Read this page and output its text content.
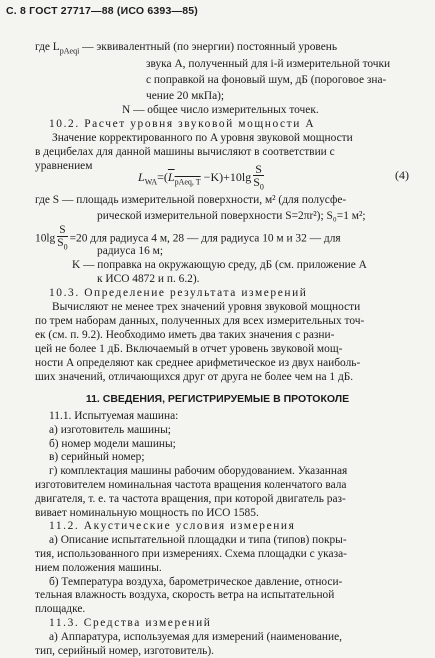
С. 8 ГОСТ 27717—88 (ИСО 6393—85)
где $L_{pAeqi}$ — эквивалентный (по энергии) постоянный уровень
звука A, полученный для i-й измерительной точки
с поправкой на фоновый шум, дБ (пороговое зна-
чение 20 мкПа);
N — общее число измерительных точек.
10.2. Расчет уровня звуковой мощности A
Значение корректированного по A уровня звуковой мощности
в децибелах для данной машины вычисляют в соответствии с
уравнением
$L_{WA}=(L_{pAeq, T} -K)+10\lg \frac{S}{S_0}$	(4)
где S — площадь измерительной поверхности, м² (для полусфе-
рической измерительной поверхности S=2πr²); S₀=1 м²;
$10\lg \frac{S}{S_0} =20$ для радиуса 4 м, 28 — для радиуса 10 м и 32 — для
радиуса 16 м;
K — поправка на окружающую среду, дБ (см. приложение A
к ИСО 4872 и п. 6.2).
10.3. Определение результата измерений
Вычисляют не менее трех значений уровня звуковой мощности
по трем наборам данных, полученных для всех измерительных точ-
ек (см. п. 9.2). Необходимо иметь два таких значения с разни-
цей не более 1 дБ. Включаемый в отчет уровень звуковой мощ-
ности A определяют как среднее арифметическое из двух наиболь-
ших значений, отличающихся друг от друга не более чем на 1 дБ.
11. СВЕДЕНИЯ, РЕГИСТРИРУЕМЫЕ В ПРОТОКОЛЕ
11.1. Испытуемая машина:
а) изготовитель машины;
б) номер модели машины;
в) серийный номер;
г) комплектация машины рабочим оборудованием. Указанная
изготовителем номинальная частота вращения коленчатого вала
двигателя, т. е. та частота вращения, при которой двигатель раз-
вивает номинальную мощность по ИСО 1585.
11.2. Акустические условия измерения
а) Описание испытательной площадки и типа (типов) покры-
тия, использованного при измерениях. Схема площадки с указа-
нием положения машины.
б) Температура воздуха, барометрическое давление, относи-
тельная влажность воздуха, скорость ветра на испытательной
площадке.
11.3. Средства измерений
а) Аппаратура, используемая для измерений (наименование,
тип, серийный номер, изготовитель).
